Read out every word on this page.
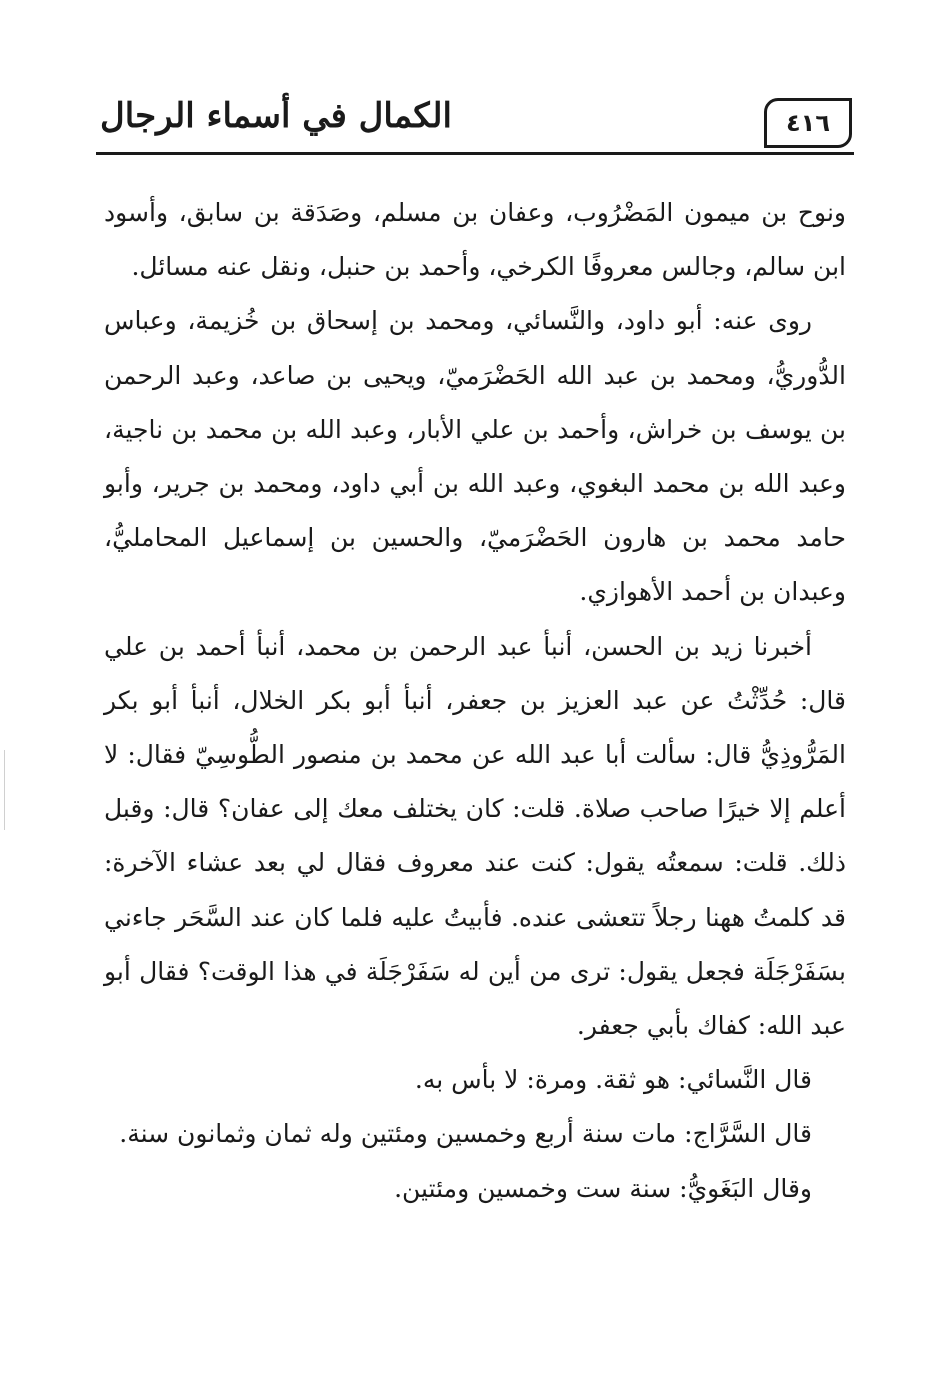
الكمال في أسماء الرجال	٤١٦

ونوح بن ميمون المَضْرُوب، وعفان بن مسلم، وصَدَقة بن سابق، وأسود ابن سالم، وجالس معروفًا الكرخي، وأحمد بن حنبل، ونقل عنه مسائل.

روى عنه: أبو داود، والنَّسائي، ومحمد بن إسحاق بن خُزيمة، وعباس الدُّوريُّ، ومحمد بن عبد الله الحَضْرَميّ، ويحيى بن صاعد، وعبد الرحمن بن يوسف بن خراش، وأحمد بن علي الأبار، وعبد الله بن محمد بن ناجية، وعبد الله بن محمد البغوي، وعبد الله بن أبي داود، ومحمد بن جرير، وأبو حامد محمد بن هارون الحَضْرَميّ، والحسين بن إسماعيل المحامليُّ، وعبدان بن أحمد الأهوازي.

أخبرنا زيد بن الحسن، أنبأ عبد الرحمن بن محمد، أنبأ أحمد بن علي قال: حُدِّثْتُ عن عبد العزيز بن جعفر، أنبأ أبو بكر الخلال، أنبأ أبو بكر المَرُّوذِيُّ قال: سألت أبا عبد الله عن محمد بن منصور الطُّوسِيّ فقال: لا أعلم إلا خيرًا صاحب صلاة. قلت: كان يختلف معك إلى عفان؟ قال: وقبل ذلك. قلت: سمعتُه يقول: كنت عند معروف فقال لي بعد عشاء الآخرة: قد كلمتُ ههنا رجلاً تتعشى عنده. فأبيتُ عليه فلما كان عند السَّحَر جاءني بسَفَرْجَلَة فجعل يقول: ترى من أين له سَفَرْجَلَة في هذا الوقت؟ فقال أبو عبد الله: كفاك بأبي جعفر.

قال النَّسائي: هو ثقة. ومرة: لا بأس به.

قال السَّرَّاج: مات سنة أربع وخمسين ومئتين وله ثمان وثمانون سنة.

وقال البَغَويُّ: سنة ست وخمسين ومئتين.
